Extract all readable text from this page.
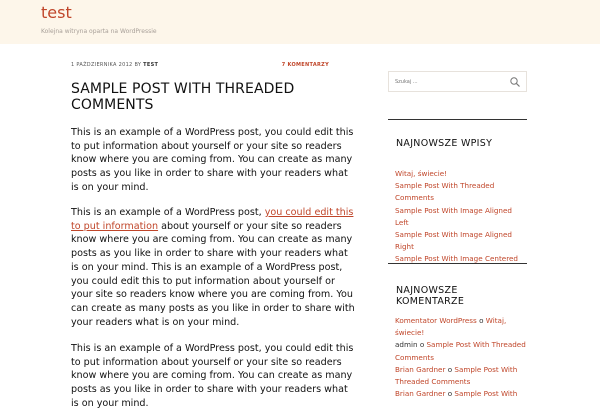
test
Kolejna witryna oparta na WordPressie
1 PAŹDZIERNIKA 2012 BY TEST	7 KOMENTARZY
SAMPLE POST WITH THREADED COMMENTS

This is an example of a WordPress post, you could edit this to put information about yourself or your site so readers know where you are coming from. You can create as many posts as you like in order to share with your readers what is on your mind.

This is an example of a WordPress post, you could edit this to put information about yourself or your site so readers know where you are coming from. You can create as many posts as you like in order to share with your readers what is on your mind. This is an example of a WordPress post, you could edit this to put information about yourself or your site so readers know where you are coming from. You can create as many posts as you like in order to share with your readers what is on your mind.

This is an example of a WordPress post, you could edit this to put information about yourself or your site so readers know where you are coming from. You can create as many posts as you like in order to share with your readers what is on your mind.

Szukaj ...
NAJNOWSZE WPISY
Witaj, świecie!
Sample Post With Threaded Comments
Sample Post With Image Aligned Left
Sample Post With Image Aligned Right
Sample Post With Image Centered
NAJNOWSZE KOMENTARZE
Komentator WordPress o Witaj, świecie!
admin o Sample Post With Threaded Comments
Brian Gardner o Sample Post With Threaded Comments
Brian Gardner o Sample Post With
